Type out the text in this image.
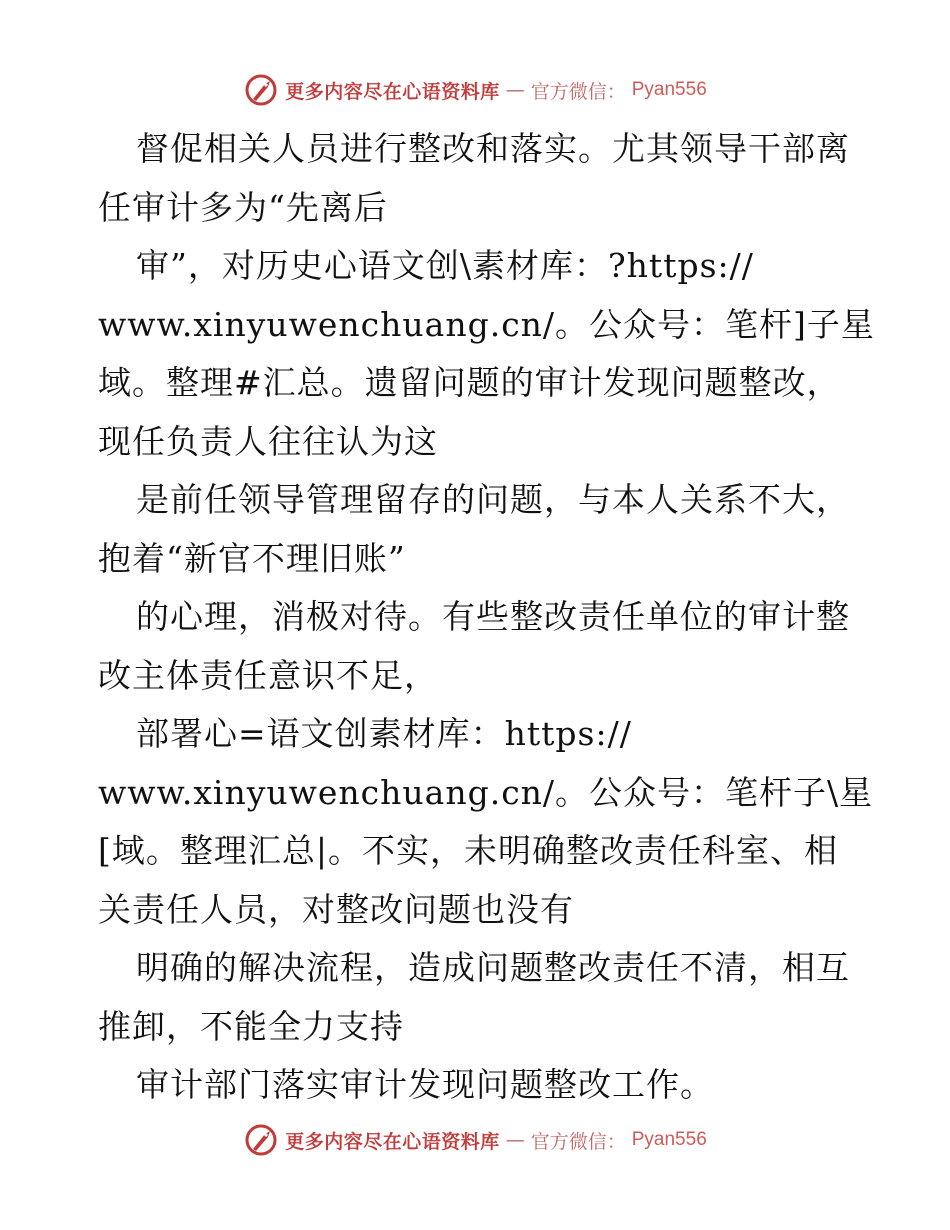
更多内容尽在心语资料库 — 官方微信： Pyan556
督促相关人员进行整改和落实。尤其领导干部离
任审计多为“先离后
审”，对历史心语文创\素材库：?https://
www.xinyuwenchuang.cn/。公众号：笔杆]子星
域。整理#汇总。遗留问题的审计发现问题整改，
现任负责人往往认为这
是前任领导管理留存的问题，与本人关系不大，
抱着“新官不理旧账”
的心理，消极对待。有些整改责任单位的审计整
改主体责任意识不足，
部署心=语文创素材库：https://
www.xinyuwenchuang.cn/。公众号：笔杆子\星
[域。整理汇总|。不实，未明确整改责任科室、相
关责任人员，对整改问题也没有
明确的解决流程，造成问题整改责任不清，相互
推卸，不能全力支持
审计部门落实审计发现问题整改工作。
更多内容尽在心语资料库 — 官方微信： Pyan556
